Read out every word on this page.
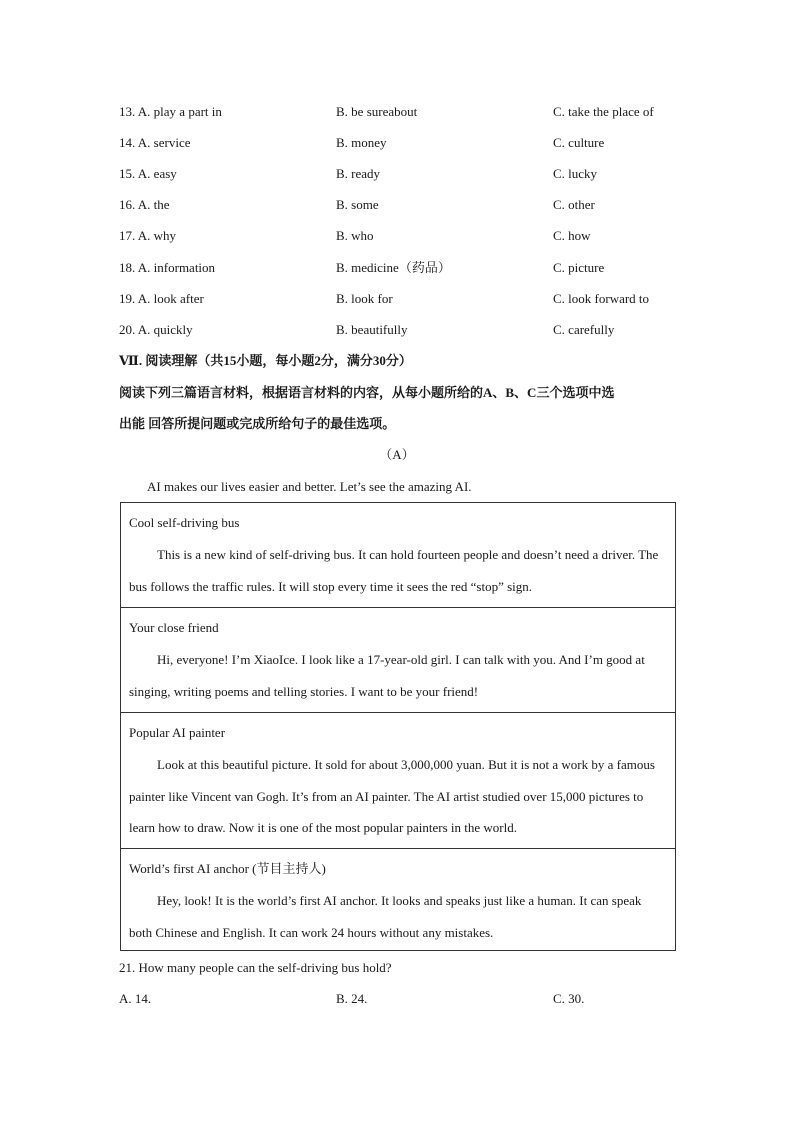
13. A. play a part in	B. be sureabout	C. take the place of
14. A. service	B. money	C. culture
15. A. easy	B. ready	C. lucky
16. A. the	B. some	C. other
17. A. why	B. who	C. how
18. A. information	B. medicine（药品）	C. picture
19. A. look after	B. look for	C. look forward to
20. A. quickly	B. beautifully	C. carefully
Ⅶ. 阅读理解（共15小题，每小题2分，满分30分）
阅读下列三篇语言材料，根据语言材料的内容，从每小题所给的A、B、C三个选项中选
出能 回答所提问题或完成所给句子的最佳选项。
（A）
AI makes our lives easier and better. Let’s see the amazing AI.
Cool self-driving bus
This is a new kind of self-driving bus. It can hold fourteen people and doesn’t need a driver. The bus follows the traffic rules. It will stop every time it sees the red “stop” sign.
Your close friend
Hi, everyone! I’m XiaoIce. I look like a 17-year-old girl. I can talk with you. And I’m good at singing, writing poems and telling stories. I want to be your friend!
Popular AI painter
Look at this beautiful picture. It sold for about 3,000,000 yuan. But it is not a work by a famous painter like Vincent van Gogh. It’s from an AI painter. The AI artist studied over 15,000 pictures to learn how to draw. Now it is one of the most popular painters in the world.
World’s first AI anchor (节目主持人)
Hey, look! It is the world’s first AI anchor. It looks and speaks just like a human. It can speak both Chinese and English. It can work 24 hours without any mistakes.
21. How many people can the self-driving bus hold?
A. 14.	B. 24.	C. 30.
